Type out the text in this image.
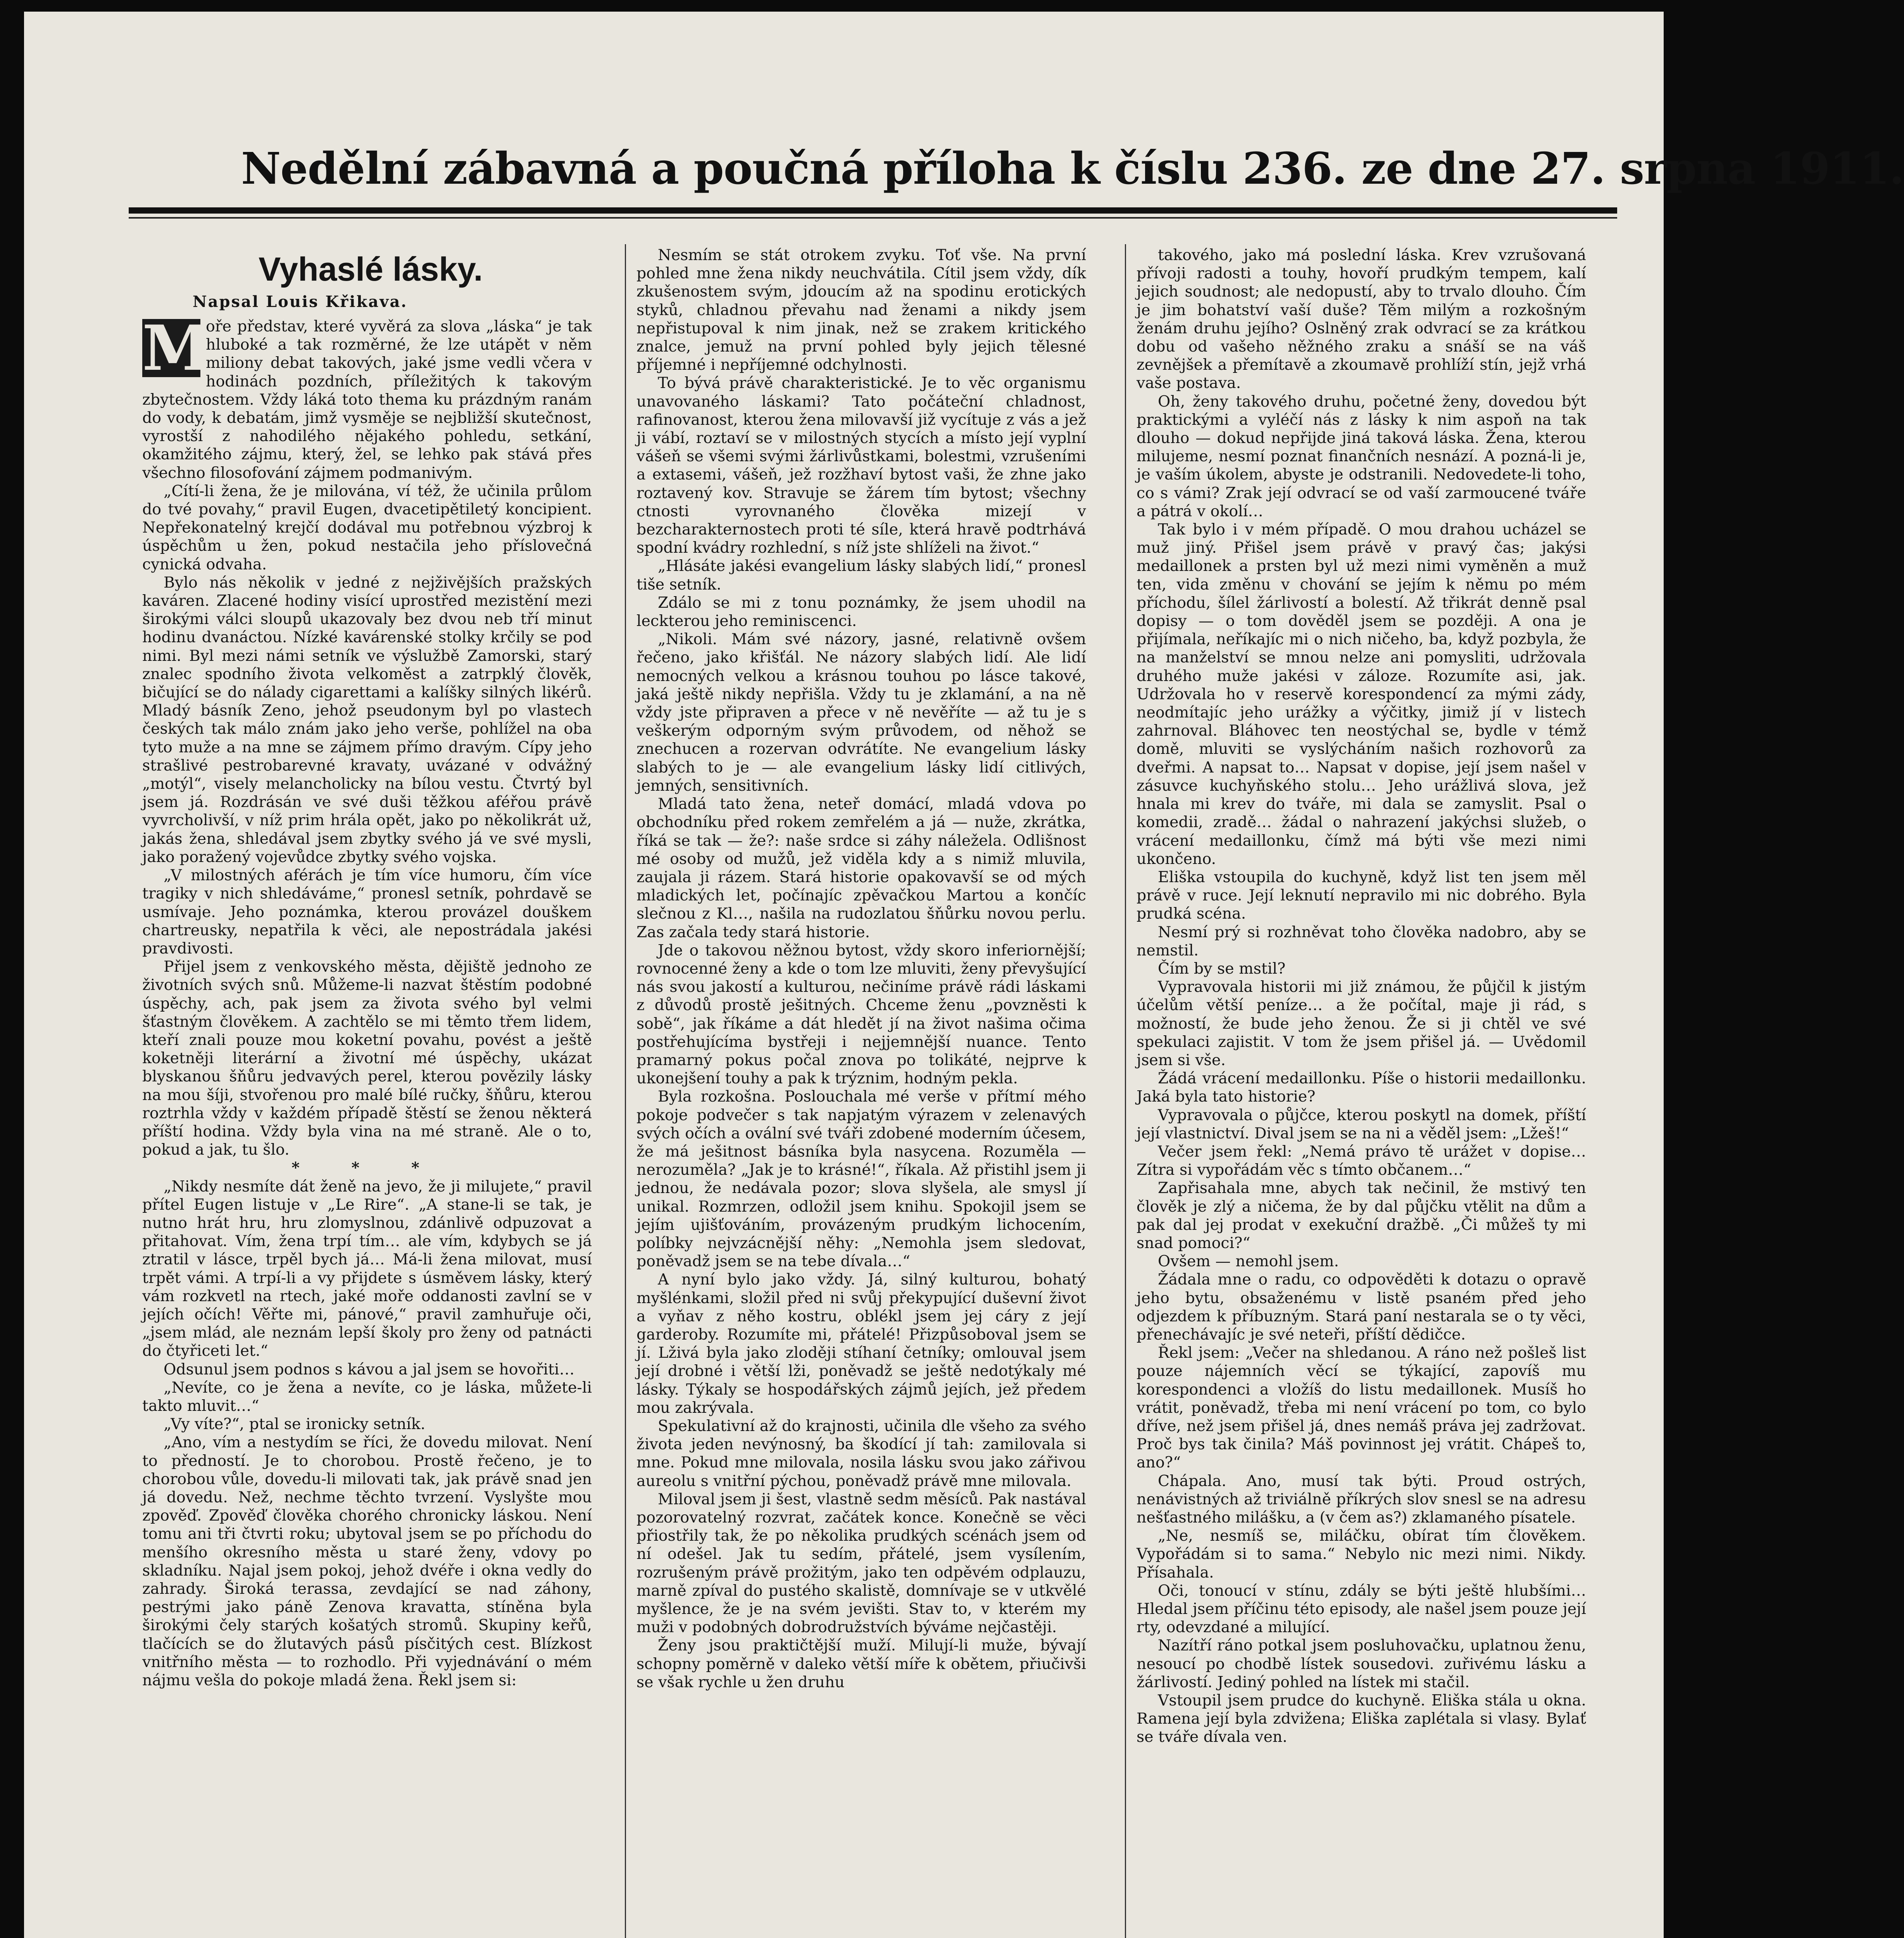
Nedělní zábavná a poučná příloha k číslu 236. ze dne 27. srpna 1911.
Vyhaslé lásky.
Napsal Louis Křikava.

M
oře představ, které vyvěrá za slova „láska“ je tak hluboké a tak rozměrné, že lze utápět v něm miliony debat takových, jaké jsme vedli včera v hodinách pozdních, příležitých k takovým zbytečnostem. Vždy láká toto thema ku prázdným ranám do vody, k debatám, jimž vysměje se nejbližší skutečnost, vyrostší z nahodilého nějakého pohledu, setkání, okamžitého zájmu, který, žel, se lehko pak stává přes všechno filosofování zájmem podmanivým.

„Cítí-li žena, že je milována, ví též, že učinila průlom do tvé povahy,“ pravil Eugen, dvacetipětiletý koncipient. Nepřekonatelný krejčí dodával mu potřebnou výzbroj k úspěchům u žen, pokud nestačila jeho příslovečná cynická odvaha.

Bylo nás několik v jedné z nejživějších pražských kaváren. Zlacené hodiny visící uprostřed mezistění mezi širokými válci sloupů ukazovaly bez dvou neb tří minut hodinu dvanáctou. Nízké kavárenské stolky krčily se pod nimi. Byl mezi námi setník ve výslužbě Zamorski, starý znalec spodního života velkoměst a zatrpklý člověk, bičující se do nálady cigarettami a kalíšky silných likérů. Mladý básník Zeno, jehož pseudonym byl po vlastech českých tak málo znám jako jeho verše, pohlížel na oba tyto muže a na mne se zájmem přímo dravým. Cípy jeho strašlivé pestrobarevné kravaty, uvázané v odvážný „motýl“, visely melancholicky na bílou vestu. Čtvrtý byl jsem já. Rozdrásán ve své duši těžkou aféřou právě vyvrcholivší, v níž prim hrála opět, jako po několikrát už, jakás žena, shledával jsem zbytky svého já ve své mysli, jako poražený vojevůdce zbytky svého vojska.

„V milostných aférách je tím více humoru, čím více tragiky v nich shledáváme,“ pronesl setník, pohrdavě se usmívaje. Jeho poznámka, kterou provázel douškem chartreusky, nepatřila k věci, ale nepostrádala jakési pravdivosti.

Přijel jsem z venkovského města, dějiště jednoho ze životních svých snů. Můžeme-li nazvat štěstím podobné úspěchy, ach, pak jsem za života svého byl velmi šťastným člověkem. A zachtělo se mi těmto třem lidem, kteří znali pouze mou koketní povahu, povést a ještě koketněji literární a životní mé úspěchy, ukázat blyskanou šňůru jedvavých perel, kterou povězily lásky na mou šíji, stvořenou pro malé bílé ručky, šňůru, kterou roztrhla vždy v každém případě štěstí se ženou některá příští hodina. Vždy byla vina na mé straně. Ale o to, pokud a jak, tu šlo.

* * *

„Nikdy nesmíte dát ženě na jevo, že ji milujete,“ pravil přítel Eugen listuje v „Le Rire“. „A stane-li se tak, je nutno hrát hru, hru zlomyslnou, zdánlivě odpuzovat a přitahovat. Vím, žena trpí tím… ale vím, kdybych se já ztratil v lásce, trpěl bych já… Má-li žena milovat, musí trpět vámi. A trpí-li a vy přijdete s úsměvem lásky, který vám rozkvetl na rtech, jaké moře oddanosti zavlní se v jejích očích! Věřte mi, pánové,“ pravil zamhuřuje oči, „jsem mlád, ale neznám lepší školy pro ženy od patnácti do čtyřiceti let.“

Odsunul jsem podnos s kávou a jal jsem se hovořiti…

„Nevíte, co je žena a nevíte, co je láska, můžete-li takto mluvit…“

„Vy víte?“, ptal se ironicky setník.

„Ano, vím a nestydím se říci, že dovedu milovat. Není to předností. Je to chorobou. Prostě řečeno, je to chorobou vůle, dovedu-li milovati tak, jak právě snad jen já dovedu. Než, nechme těchto tvrzení. Vyslyšte mou zpověď. Zpověď člověka chorého chronicky láskou. Není tomu ani tři čtvrti roku; ubytoval jsem se po příchodu do menšího okresního města u staré ženy, vdovy po skladníku. Najal jsem pokoj, jehož dvéře i okna vedly do zahrady. Široká terassa, zevdající se nad záhony, pestrými jako páně Zenova kravatta, stíněna byla širokými čely starých košatých stromů. Skupiny keřů, tlačících se do žlutavých pásů písčitých cest. Blízkost vnitřního města — to rozhodlo. Při vyjednávání o mém nájmu vešla do pokoje mladá žena. Řekl jsem si:

Nesmím se stát otrokem zvyku. Toť vše. Na první pohled mne žena nikdy neuchvátila. Cítil jsem vždy, dík zkušenostem svým, jdoucím až na spodinu erotických styků, chladnou převahu nad ženami a nikdy jsem nepřistupoval k nim jinak, než se zrakem kritického znalce, jemuž na první pohled byly jejich tělesné příjemné i nepříjemné odchylnosti.

To bývá právě charakteristické. Je to věc organismu unavovaného láskami? Tato počáteční chladnost, rafinovanost, kterou žena milovavší již vycítuje z vás a jež ji vábí, roztaví se v milostných stycích a místo její vyplní vášeň se všemi svými žárlivůstkami, bolestmi, vzrušeními a extasemi, vášeň, jež rozžhaví bytost vaši, že zhne jako roztavený kov. Stravuje se žárem tím bytost; všechny ctnosti vyrovnaného člověka mizejí v bezcharakternostech proti té síle, která hravě podtrhává spodní kvádry rozhlední, s níž jste shlíželi na život.“

„Hlásáte jakési evangelium lásky slabých lidí,“ pronesl tiše setník.

Zdálo se mi z tonu poznámky, že jsem uhodil na leckterou jeho reminiscenci.

„Nikoli. Mám své názory, jasné, relativně ovšem řečeno, jako křišťál. Ne názory slabých lidí. Ale lidí nemocných velkou a krásnou touhou po lásce takové, jaká ještě nikdy nepřišla. Vždy tu je zklamání, a na ně vždy jste připraven a přece v ně nevěříte — až tu je s veškerým odporným svým průvodem, od něhož se znechucen a rozervan odvrátíte. Ne evangelium lásky slabých to je — ale evangelium lásky lidí citlivých, jemných, sensitivních.

Mladá tato žena, neteř domácí, mladá vdova po obchodníku před rokem zemřelém a já — nuže, zkrátka, říká se tak — že?: naše srdce si záhy náležela. Odlišnost mé osoby od mužů, jež viděla kdy a s nimiž mluvila, zaujala ji rázem. Stará historie opakovavší se od mých mladických let, počínajíc zpěvačkou Martou a končíc slečnou z Kl…, našila na rudozlatou šňůrku novou perlu. Zas začala tedy stará historie.

Jde o takovou něžnou bytost, vždy skoro inferiornější; rovnocenné ženy a kde o tom lze mluviti, ženy převyšující nás svou jakostí a kulturou, nečiníme právě rádi láskami z důvodů prostě ješitných. Chceme ženu „povzněsti k sobě“, jak říkáme a dát hledět jí na život našima očima postřehujícíma bystřeji i nejjemnější nuance. Tento pramarný pokus počal znova po tolikáté, nejprve k ukonejšení touhy a pak k trýznim, hodným pekla.

Byla rozkošna. Poslouchala mé verše v přítmí mého pokoje podvečer s tak napjatým výrazem v zelenavých svých očích a ovální své tváři zdobené moderním účesem, že má ješitnost básníka byla nasycena. Rozuměla — nerozuměla? „Jak je to krásné!“, říkala. Až přistihl jsem ji jednou, že nedávala pozor; slova slyšela, ale smysl jí unikal. Rozmrzen, odložil jsem knihu. Spokojil jsem se jejím ujišťováním, provázeným prudkým lichocením, políbky nejvzácnější něhy: „Nemohla jsem sledovat, poněvadž jsem se na tebe dívala…“

A nyní bylo jako vždy. Já, silný kulturou, bohatý myšlénkami, složil před ni svůj překypující duševní život a vyňav z něho kostru, oblékl jsem jej cáry z její garderoby. Rozumíte mi, přátelé! Přizpůsoboval jsem se jí. Lživá byla jako zloději stíhaní četníky; omlouval jsem její drobné i větší lži, poněvadž se ještě nedotýkaly mé lásky. Týkaly se hospodářských zájmů jejích, jež předem mou zakrývala.

Spekulativní až do krajnosti, učinila dle všeho za svého života jeden nevýnosný, ba škodící jí tah: zamilovala si mne. Pokud mne milovala, nosila lásku svou jako zářivou aureolu s vnitřní pýchou, poněvadž právě mne milovala.

Miloval jsem ji šest, vlastně sedm měsíců. Pak nastával pozorovatelný rozvrat, začátek konce. Konečně se věci přiostřily tak, že po několika prudkých scénách jsem od ní odešel. Jak tu sedím, přátelé, jsem vysílením, rozrušeným právě prožitým, jako ten odpěvém odplauzu, marně zpíval do pustého skalistě, domnívaje se v utkvělé myšlence, že je na svém jevišti. Stav to, v kterém my muži v podobných dobrodružstvích býváme nejčastěji.

Ženy jsou praktičtější muží. Milují-li muže, bývají schopny poměrně v daleko větší míře k obětem, přiučivši se však rychle u žen druhu

takového, jako má poslední láska. Krev vzrušovaná přívoji radosti a touhy, hovoří prudkým tempem, kalí jejich soudnost; ale nedopustí, aby to trvalo dlouho. Čím je jim bohatství vaší duše? Těm milým a rozkošným ženám druhu jejího? Oslněný zrak odvrací se za krátkou dobu od vašeho něžného zraku a snáší se na váš zevnějšek a přemítavě a zkoumavě prohlíží stín, jejž vrhá vaše postava.

Oh, ženy takového druhu, početné ženy, dovedou být praktickými a vyléčí nás z lásky k nim aspoň na tak dlouho — dokud nepřijde jiná taková láska. Žena, kterou milujeme, nesmí poznat finančních nesnází. A pozná-li je, je vaším úkolem, abyste je odstranili. Nedovedete-li toho, co s vámi? Zrak její odvrací se od vaší zarmoucené tváře a pátrá v okolí…

Tak bylo i v mém případě. O mou drahou ucházel se muž jiný. Přišel jsem právě v pravý čas; jakýsi medaillonek a prsten byl už mezi nimi vyměněn a muž ten, vida změnu v chování se jejím k němu po mém příchodu, šílel žárlivostí a bolestí. Až třikrát denně psal dopisy — o tom dověděl jsem se později. A ona je přijímala, neříkajíc mi o nich ničeho, ba, když pozbyla, že na manželství se mnou nelze ani pomysliti, udržovala druhého muže jakési v záloze. Rozumíte asi, jak. Udržovala ho v reservě korespondencí za mými zády, neodmítajíc jeho urážky a výčitky, jimiž jí v listech zahrnoval. Bláhovec ten neostýchal se, bydle v témž domě, mluviti se vyslýcháním našich rozhovorů za dveřmi. A napsat to… Napsat v dopise, její jsem našel v zásuvce kuchyňského stolu… Jeho urážlivá slova, jež hnala mi krev do tváře, mi dala se zamyslit. Psal o komedii, zradě… žádal o nahrazení jakýchsi služeb, o vrácení medaillonku, čímž má býti vše mezi nimi ukončeno.

Eliška vstoupila do kuchyně, když list ten jsem měl právě v ruce. Její leknutí nepravilo mi nic dobrého. Byla prudká scéna.

Nesmí prý si rozhněvat toho člověka nadobro, aby se nemstil.

Čím by se mstil?

Vypravovala historii mi již známou, že půjčil k jistým účelům větší peníze… a že počítal, maje ji rád, s možností, že bude jeho ženou. Že si ji chtěl ve své spekulaci zajistit. V tom že jsem přišel já. — Uvědomil jsem si vše.

Žádá vrácení medaillonku. Píše o historii medaillonku. Jaká byla tato historie?

Vypravovala o půjčce, kterou poskytl na domek, příští její vlastnictví. Dival jsem se na ni a věděl jsem: „Lžeš!“

Večer jsem řekl: „Nemá právo tě urážet v dopise… Zítra si vypořádám věc s tímto občanem…“

Zapřisahala mne, abych tak nečinil, že mstivý ten člověk je zlý a ničema, že by dal půjčku vtělit na dům a pak dal jej prodat v exekuční dražbě. „Či můžeš ty mi snad pomoci?“

Ovšem — nemohl jsem.

Žádala mne o radu, co odpověděti k dotazu o opravě jeho bytu, obsaženému v listě psaném před jeho odjezdem k příbuzným. Stará paní nestarala se o ty věci, přenechávajíc je své neteři, příští dědičce.

Řekl jsem: „Večer na shledanou. A ráno než pošleš list pouze nájemních věcí se týkající, zapovíš mu korespondenci a vložíš do listu medaillonek. Musíš ho vrátit, poněvadž, třeba mi není vrácení po tom, co bylo dříve, než jsem přišel já, dnes nemáš práva jej zadržovat. Proč bys tak činila? Máš povinnost jej vrátit. Chápeš to, ano?“

Chápala. Ano, musí tak býti. Proud ostrých, nenávistných až triviálně příkrých slov snesl se na adresu nešťastného milášku, a (v čem as?) zklamaného písatele.

„Ne, nesmíš se, miláčku, obírat tím člověkem. Vypořádám si to sama.“ Nebylo nic mezi nimi. Nikdy. Přísahala.

Oči, tonoucí v stínu, zdály se býti ještě hlubšími… Hledal jsem příčinu této episody, ale našel jsem pouze její rty, odevzdané a milující.

Nazítří ráno potkal jsem posluhovačku, uplatnou ženu, nesoucí po chodbě lístek sousedovi. zuřivému lásku a žárlivostí. Jediný pohled na lístek mi stačil.

Vstoupil jsem prudce do kuchyně. Eliška stála u okna. Ramena její byla zdvižena; Eliška zaplétala si vlasy. Bylať se tváře dívala ven.
